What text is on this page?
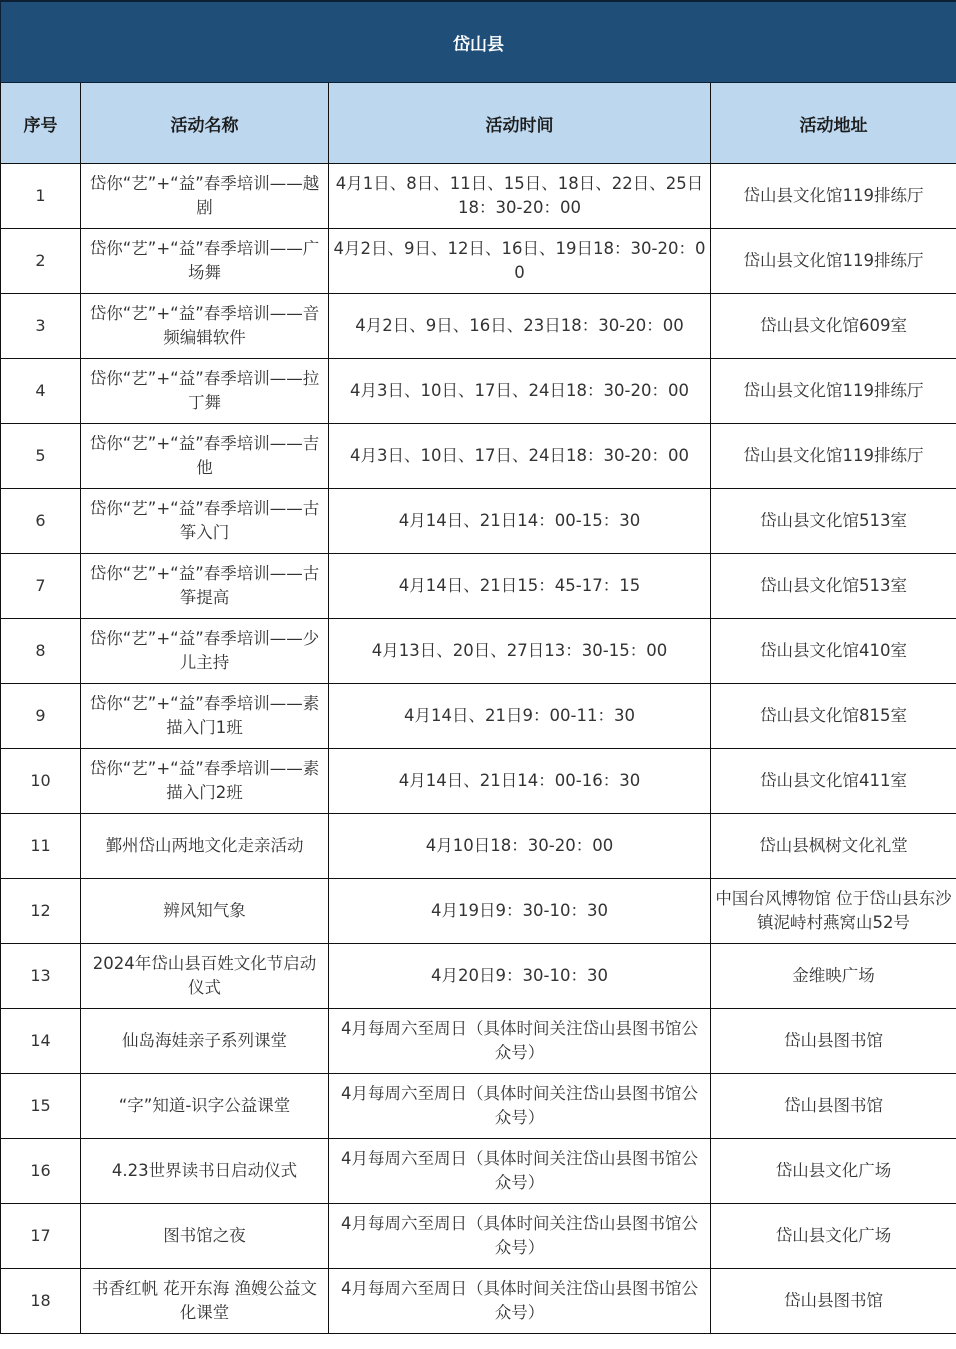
岱山县			
序号	活动名称	活动时间	活动地址
1	岱你“艺”+“益”春季培训——越剧	4月1日、8日、11日、15日、18日、22日、25日18：30-20：00	岱山县文化馆119排练厅
2	岱你“艺”+“益”春季培训——广场舞	4月2日、9日、12日、16日、19日18：30-20：00	岱山县文化馆119排练厅
3	岱你“艺”+“益”春季培训——音频编辑软件	4月2日、9日、16日、23日18：30-20：00	岱山县文化馆609室
4	岱你“艺”+“益”春季培训——拉丁舞	4月3日、10日、17日、24日18：30-20：00	岱山县文化馆119排练厅
5	岱你“艺”+“益”春季培训——吉他	4月3日、10日、17日、24日18：30-20：00	岱山县文化馆119排练厅
6	岱你“艺”+“益”春季培训——古筝入门	4月14日、21日14：00-15：30	岱山县文化馆513室
7	岱你“艺”+“益”春季培训——古筝提高	4月14日、21日15：45-17：15	岱山县文化馆513室
8	岱你“艺”+“益”春季培训——少儿主持	4月13日、20日、27日13：30-15：00	岱山县文化馆410室
9	岱你“艺”+“益”春季培训——素描入门1班	4月14日、21日9：00-11：30	岱山县文化馆815室
10	岱你“艺”+“益”春季培训——素描入门2班	4月14日、21日14：00-16：30	岱山县文化馆411室
11	鄞州岱山两地文化走亲活动	4月10日18：30-20：00	岱山县枫树文化礼堂
12	辨风知气象	4月19日9：30-10：30	中国台风博物馆 位于岱山县东沙镇泥峙村燕窝山52号
13	2024年岱山县百姓文化节启动仪式	4月20日9：30-10：30	金维映广场
14	仙岛海娃亲子系列课堂	4月每周六至周日（具体时间关注岱山县图书馆公众号）	岱山县图书馆
15	“字”知道-识字公益课堂	4月每周六至周日（具体时间关注岱山县图书馆公众号）	岱山县图书馆
16	4.23世界读书日启动仪式	4月每周六至周日（具体时间关注岱山县图书馆公众号）	岱山县文化广场
17	图书馆之夜	4月每周六至周日（具体时间关注岱山县图书馆公众号）	岱山县文化广场
18	书香红帆 花开东海 渔嫂公益文化课堂	4月每周六至周日（具体时间关注岱山县图书馆公众号）	岱山县图书馆
